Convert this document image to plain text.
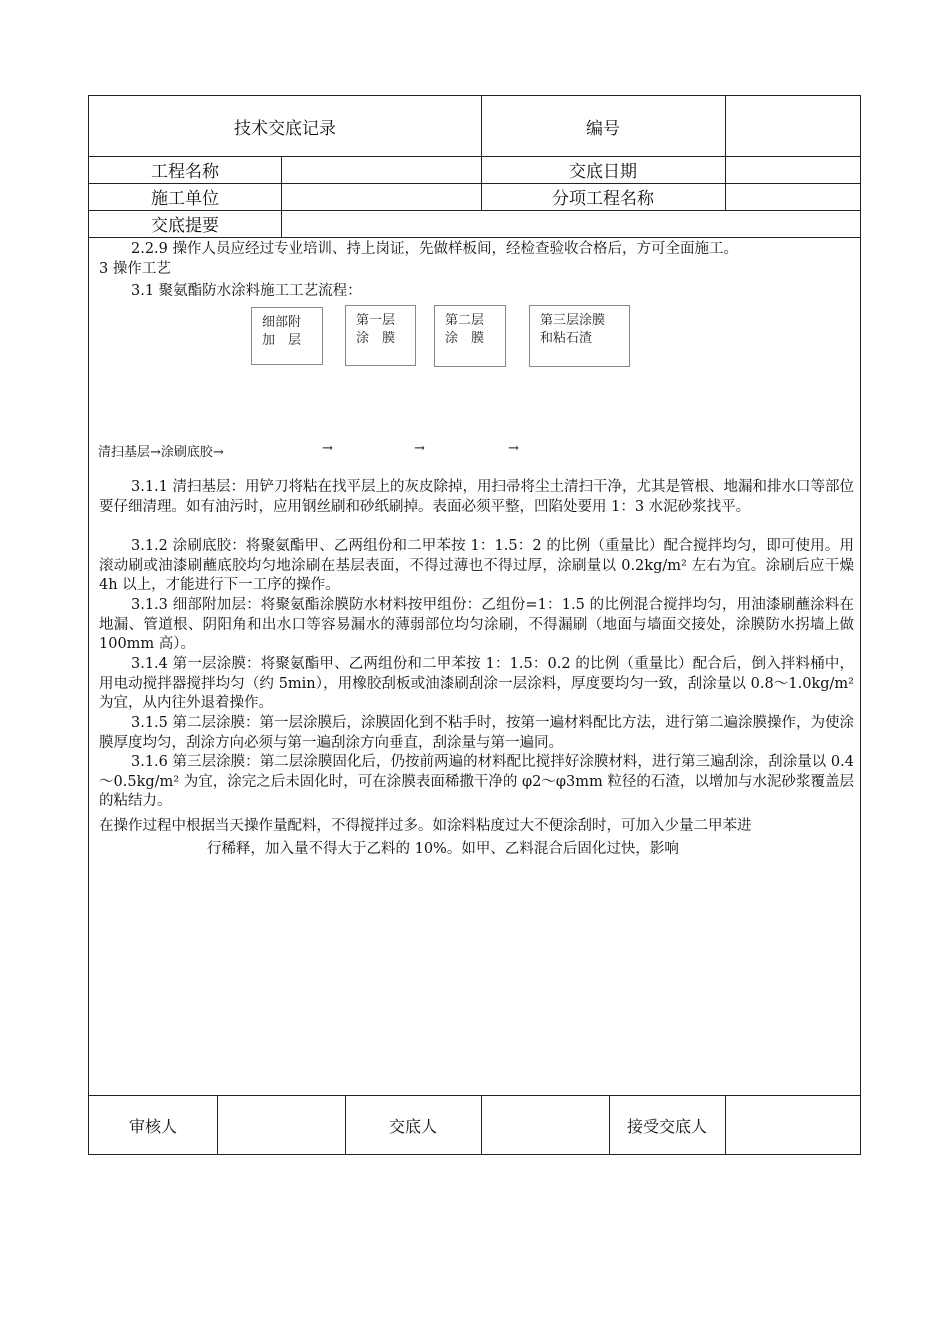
技术交底记录	编号
工程名称	交底日期
施工单位	分项工程名称
交底提要
2.2.9 操作人员应经过专业培训、持上岗证，先做样板间，经检查验收合格后，方可全面施工。
3 操作工艺
3.1 聚氨酯防水涂料施工工艺流程：
细部附
加　层
第一层
涂　膜
第二层
涂　膜
第三层涂膜
和粘石渣
清扫基层→涂刷底胶→	→	→	→
3.1.1 清扫基层：用铲刀将粘在找平层上的灰皮除掉，用扫帚将尘土清扫干净，尤其是管根、地漏和排水口等部位要仔细清理。如有油污时，应用钢丝刷和砂纸刷掉。表面必须平整，凹陷处要用 1：3 水泥砂浆找平。
3.1.2 涂刷底胶：将聚氨酯甲、乙两组份和二甲苯按 1：1.5：2 的比例（重量比）配合搅拌均匀，即可使用。用滚动刷或油漆刷蘸底胶均匀地涂刷在基层表面，不得过薄也不得过厚，涂刷量以 0.2kg/m² 左右为宜。涂刷后应干燥 4h 以上，才能进行下一工序的操作。
3.1.3 细部附加层：将聚氨酯涂膜防水材料按甲组份：乙组份=1：1.5 的比例混合搅拌均匀，用油漆刷蘸涂料在地漏、管道根、阴阳角和出水口等容易漏水的薄弱部位均匀涂刷，不得漏刷（地面与墙面交接处，涂膜防水拐墙上做 100mm 高）。
3.1.4 第一层涂膜：将聚氨酯甲、乙两组份和二甲苯按 1：1.5：0.2 的比例（重量比）配合后，倒入拌料桶中，用电动搅拌器搅拌均匀（约 5min），用橡胶刮板或油漆刷刮涂一层涂料，厚度要均匀一致，刮涂量以 0.8～1.0kg/m² 为宜，从内往外退着操作。
3.1.5 第二层涂膜：第一层涂膜后，涂膜固化到不粘手时，按第一遍材料配比方法，进行第二遍涂膜操作，为使涂膜厚度均匀，刮涂方向必须与第一遍刮涂方向垂直，刮涂量与第一遍同。
3.1.6 第三层涂膜：第二层涂膜固化后，仍按前两遍的材料配比搅拌好涂膜材料，进行第三遍刮涂，刮涂量以 0.4～0.5kg/m² 为宜，涂完之后未固化时，可在涂膜表面稀撒干净的 φ2～φ3mm 粒径的石渣，以增加与水泥砂浆覆盖层的粘结力。
在操作过程中根据当天操作量配料，不得搅拌过多。如涂料粘度过大不便涂刮时，可加入少量二甲苯进
行稀释，加入量不得大于乙料的 10%。如甲、乙料混合后固化过快，影响
审核人	交底人	接受交底人
